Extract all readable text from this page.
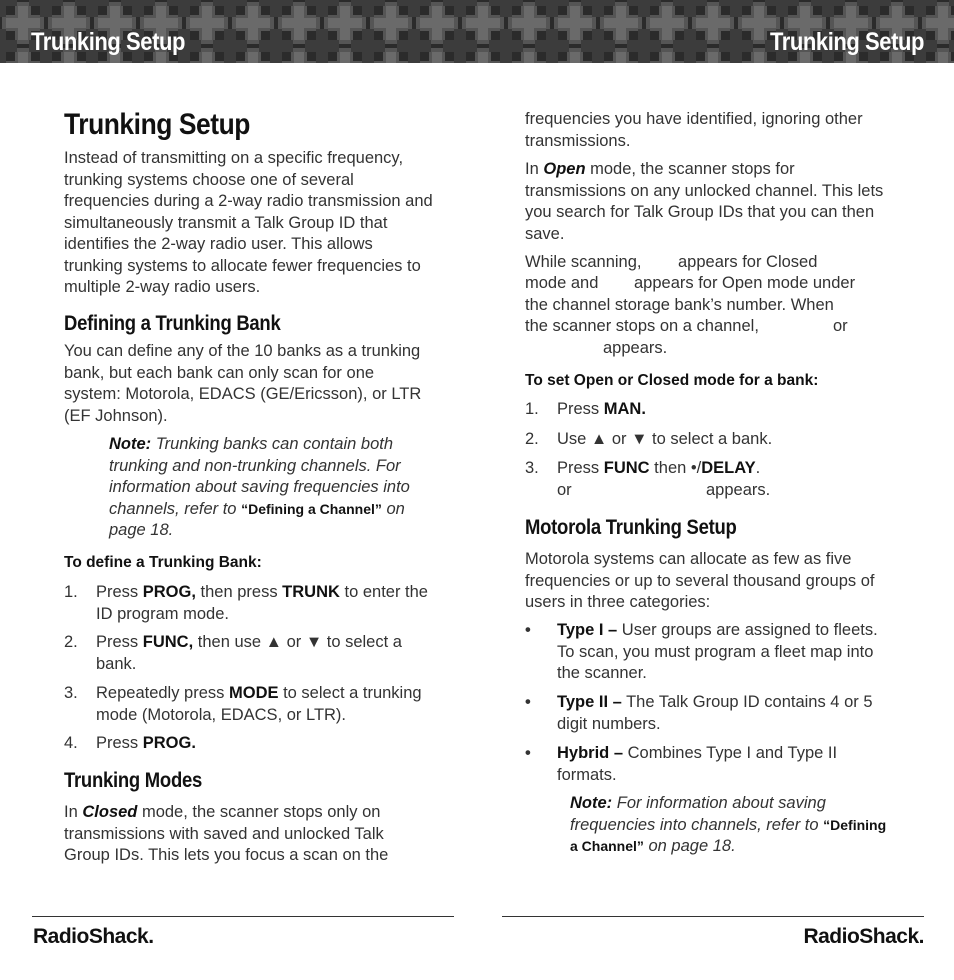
Trunking Setup	Trunking Setup
Trunking Setup

Instead of transmitting on a specific frequency, trunking systems choose one of several frequencies during a 2-way radio transmission and simultaneously transmit a Talk Group ID that identifies the 2-way radio user. This allows trunking systems to allocate fewer frequencies to multiple 2-way radio users.

Defining a Trunking Bank

You can define any of the 10 banks as a trunking bank, but each bank can only scan for one system: Motorola, EDACS (GE/Ericsson), or LTR (EF Johnson).

Note: Trunking banks can contain both trunking and non-trunking channels. For information about saving frequencies into channels, refer to “Defining a Channel” on page 18.

To define a Trunking Bank:
1. Press PROG, then press TRUNK to enter the ID program mode.
2. Press FUNC, then use ▲ or ▼ to select a bank.
3. Repeatedly press MODE to select a trunking mode (Motorola, EDACS, or LTR).
4. Press PROG.
Trunking Modes

In Closed mode, the scanner stops only on transmissions with saved and unlocked Talk Group IDs. This lets you focus a scan on the

frequencies you have identified, ignoring other transmissions.

In Open mode, the scanner stops for transmissions on any unlocked channel. This lets you search for Talk Group IDs that you can then save.

While scanning, appears for Closed
mode and appears for Open mode under
the channel storage bank’s number. When
the scanner stops on a channel,	or
appears.
To set Open or Closed mode for a bank:
1. Press MAN.
2. Use ▲ or ▼ to select a bank.
3. Press FUNC then •/DELAY.
or	appears.
Motorola Trunking Setup

Motorola systems can allocate as few as five frequencies or up to several thousand groups of users in three categories:

• Type I – User groups are assigned to fleets. To scan, you must program a fleet map into the scanner.
• Type II – The Talk Group ID contains 4 or 5 digit numbers.
• Hybrid – Combines Type I and Type II formats.

Note: For information about saving frequencies into channels, refer to “Defining a Channel” on page 18.

RadioShack.	RadioShack.
